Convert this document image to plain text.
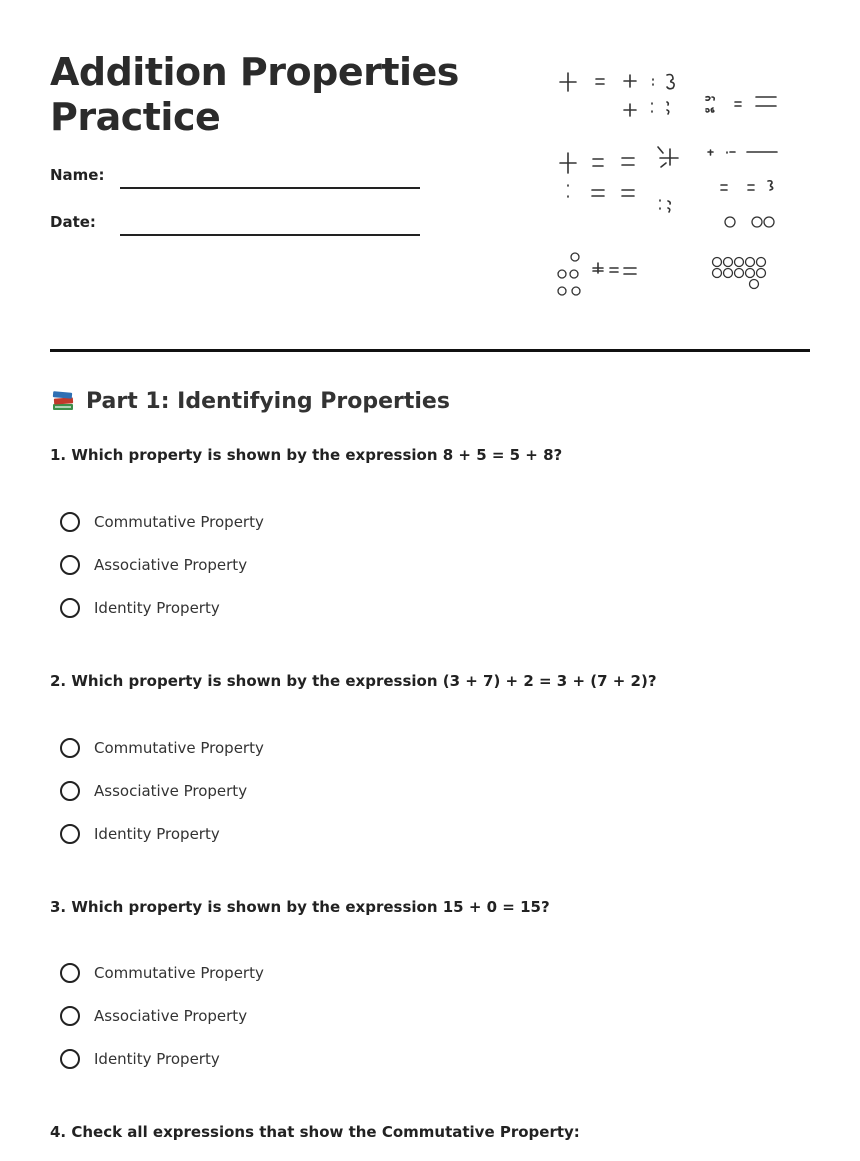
Addition Properties
Practice
Name:
Date:
Part 1: Identifying Properties

1. Which property is shown by the expression 8 + 5 = 5 + 8?

Commutative Property
Associative Property
Identity Property

2. Which property is shown by the expression (3 + 7) + 2 = 3 + (7 + 2)?

Commutative Property
Associative Property
Identity Property

3. Which property is shown by the expression 15 + 0 = 15?

Commutative Property
Associative Property
Identity Property

4. Check all expressions that show the Commutative Property:
